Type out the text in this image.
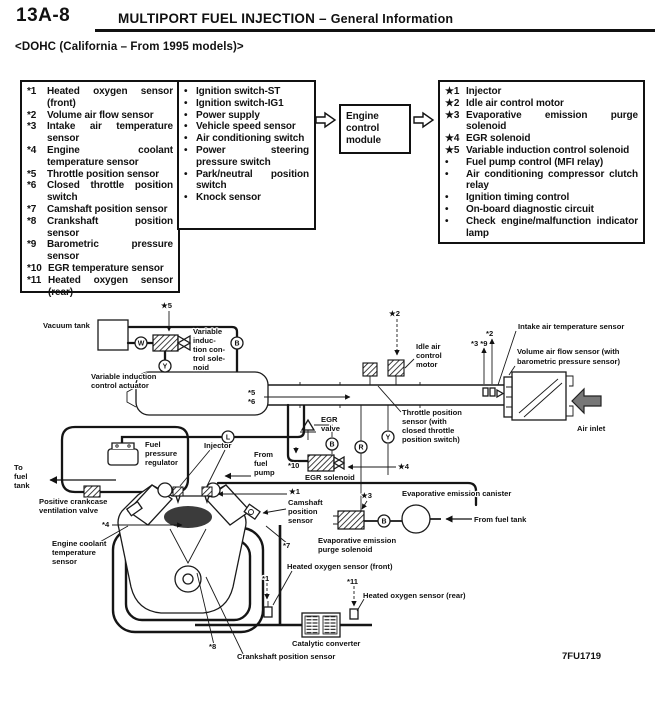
13A-8	MULTIPORT FUEL INJECTION – General Information
<DOHC (California – From 1995 models)>
*1	Heated oxygen sensor (front)
*2	Volume air flow sensor
*3	Intake air temperature sensor
*4	Engine coolant temperature sensor
*5	Throttle position sensor
*6	Closed throttle position switch
*7	Camshaft position sensor
*8	Crankshaft position sensor
*9	Barometric pressure sensor
*10 EGR temperature sensor
*11 Heated oxygen sensor (rear)
• Ignition switch-ST
• Ignition switch-IG1
• Power supply
• Vehicle speed sensor
• Air conditioning switch
• Power steering pressure switch
• Park/neutral position switch
• Knock sensor
Engine control module
★1 Injector
★2 Idle air control motor
★3 Evaporative emission purge solenoid
★4 EGR solenoid
★5 Variable induction control solenoid
•	Fuel pump control (MFI relay)
•	Air conditioning compressor clutch relay
•	Ignition timing control
•	On-board diagnostic circuit
•	Check engine/malfunction indicator lamp
W
Y
B
L
B	R
Y
B
Vacuum tank
★5
Variable
induc-
tion con-
trol sole-
noid
Variable induction
control actuator
★2
Idle air
control
motor
*2
*3 *9
Intake air temperature sensor
Volume air flow sensor (with
barometric pressure sensor)
Air inlet
*5
*6
EGR
valve
Throttle position
sensor (with
closed throttle
position switch)
*10
EGR solenoid
★4
Fuel
pressure
regulator
Injector
From
fuel
pump
To
fuel
tank
Positive crankcase
ventilation valve
★1
Camshaft
position
sensor
*7
★3	Evaporative emission canister
From fuel tank
Evaporative emission
purge solenoid
*4
Engine coolant
temperature
sensor
Heated oxygen sensor (front)
*1	*11
Heated oxygen sensor (rear)
Catalytic converter
*8
Crankshaft position sensor	7FU1719
